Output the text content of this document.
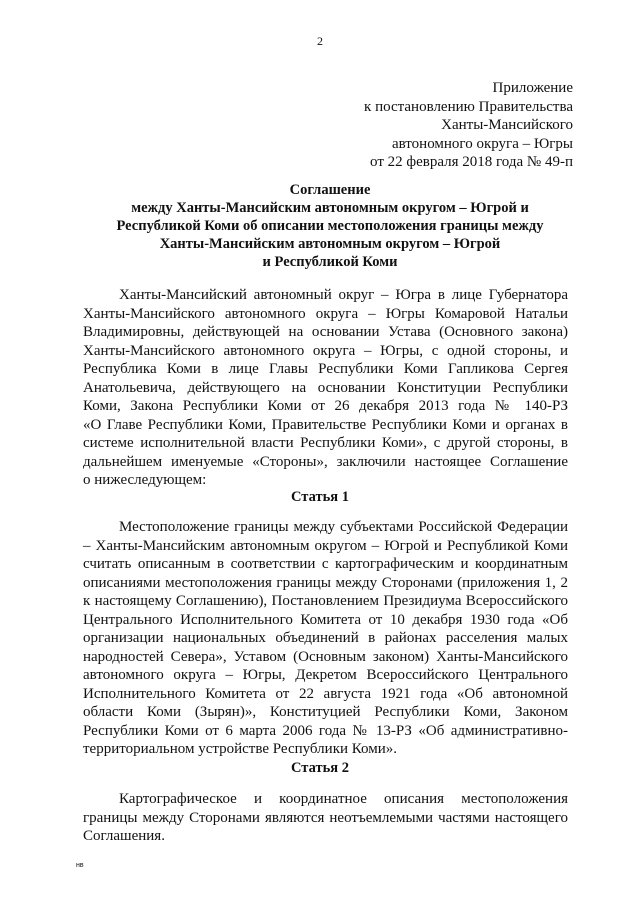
2
Приложение
к постановлению Правительства
Ханты-Мансийского
автономного округа – Югры
от 22 февраля 2018 года № 49-п
Соглашение
между Ханты-Мансийским автономным округом – Югрой и
Республикой Коми об описании местоположения границы между
Ханты-Мансийским автономным округом – Югрой
и Республикой Коми
Ханты-Мансийский автономный округ – Югра в лице Губернатора
Ханты-Мансийского автономного округа – Югры Комаровой Натальи
Владимировны, действующей на основании Устава (Основного закона)
Ханты-Мансийского автономного округа – Югры, с одной стороны, и
Республика Коми в лице Главы Республики Коми Гапликова Сергея
Анатольевича, действующего на основании Конституции Республики
Коми, Закона Республики Коми от 26 декабря 2013 года № 140-РЗ
«О Главе Республики Коми, Правительстве Республики Коми и органах в
системе исполнительной власти Республики Коми», с другой стороны, в
дальнейшем именуемые «Стороны», заключили настоящее Соглашение
о нижеследующем:
Статья 1
Местоположение границы между субъектами Российской Федерации
– Ханты-Мансийским автономным округом – Югрой и Республикой Коми
считать описанным в соответствии с картографическим и координатным
описаниями местоположения границы между Сторонами (приложения 1, 2
к настоящему Соглашению), Постановлением Президиума Всероссийского
Центрального Исполнительного Комитета от 10 декабря 1930 года «Об
организации национальных объединений в районах расселения малых
народностей Севера», Уставом (Основным законом) Ханты-Мансийского
автономного округа – Югры, Декретом Всероссийского Центрального
Исполнительного Комитета от 22 августа 1921 года «Об автономной
области Коми (Зырян)», Конституцией Республики Коми, Законом
Республики Коми от 6 марта 2006 года № 13-РЗ «Об административно-
территориальном устройстве Республики Коми».
Статья 2
Картографическое и координатное описания местоположения
границы между Сторонами являются неотъемлемыми частями настоящего
Соглашения.
нв
